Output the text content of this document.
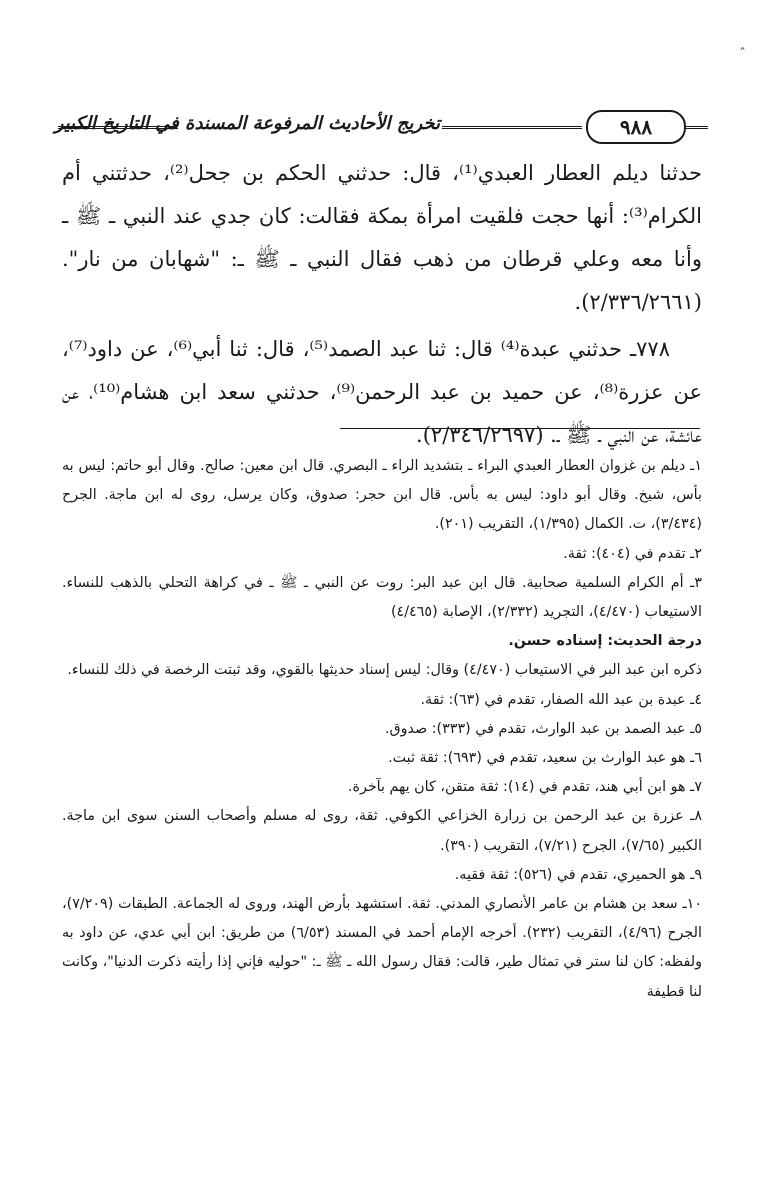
ˆ
تخريج الأحاديث المرفوعة المسندة في التاريخ الكبير	٩٨٨

حدثنا ديلم العطار العبدي⁽¹⁾، قال: حدثني الحكم بن جحل⁽²⁾، حدثتني أم الكرام⁽³⁾: أنها حجت فلقيت امرأة بمكة فقالت: كان جدي عند النبي ـ ﷺ ـ وأنا معه وعلي قرطان من ذهب فقال النبي ـ ﷺ ـ: "شهابان من نار". (٢/٣٣٦/٢٦٦١).

٧٧٨ـ حدثني عبدة⁽⁴⁾ قال: ثنا عبد الصمد⁽⁵⁾، قال: ثنا أبي⁽⁶⁾، عن داود⁽⁷⁾، عن عزرة⁽⁸⁾، عن حميد بن عبد الرحمن⁽⁹⁾، حدثني سعد ابن هشام⁽¹⁰⁾، عن عائشة، عن النبي ـ ﷺ ـ. (٢/٣٤٦/٢٦٩٧).

١ـ ديلم بن غزوان العطار العبدي البراء ـ بتشديد الراء ـ البصري. قال ابن معين: صالح. وقال أبو حاتم: ليس به بأس، شيخ. وقال أبو داود: ليس به بأس. قال ابن حجر: صدوق، وكان يرسل، روى له ابن ماجة. الجرح (٣/٤٣٤)، ت. الكمال (١/٣٩٥)، التقريب (٢٠١).

٢ـ تقدم في (٤٠٤): ثقة.

٣ـ أم الكرام السلمية صحابية. قال ابن عبد البر: روت عن النبي ـ ﷺ ـ في كراهة التحلي بالذهب للنساء. الاستيعاب (٤/٤٧٠)، التجريد (٢/٣٣٢)، الإصابة (٤/٤٦٥)

درجة الحديث: إسناده حسن.

ذكره ابن عبد البر في الاستيعاب (٤/٤٧٠) وقال: ليس إسناد حديثها بالقوي، وقد ثبتت الرخصة في ذلك للنساء.

٤ـ عبدة بن عبد الله الصفار، تقدم في (٦٣): ثقة.

٥ـ عبد الصمد بن عبد الوارث، تقدم في (٣٣٣): صدوق.

٦ـ هو عبد الوارث بن سعيد، تقدم في (٦٩٣): ثقة ثبت.

٧ـ هو ابن أبي هند، تقدم في (١٤): ثقة متقن، كان يهم بآخرة.

٨ـ عزرة بن عبد الرحمن بن زرارة الخزاعي الكوفي. ثقة، روى له مسلم وأصحاب السنن سوى ابن ماجة. الكبير (٧/٦٥)، الجرح (٧/٢١)، التقريب (٣٩٠).

٩ـ هو الحميري، تقدم في (٥٢٦): ثقة فقيه.

١٠ـ سعد بن هشام بن عامر الأنصاري المدني. ثقة. استشهد بأرض الهند، وروى له الجماعة. الطبقات (٧/٢٠٩)، الجرح (٤/٩٦)، التقريب (٢٣٢). أخرجه الإمام أحمد في المسند (٦/٥٣) من طريق: ابن أبي عدي، عن داود به ولفظه: كان لنا ستر في تمثال طير، قالت: فقال رسول الله ـ ﷺ ـ: "حوليه فإني إذا رأيته ذكرت الدنيا"، وكانت لنا قطيفة
